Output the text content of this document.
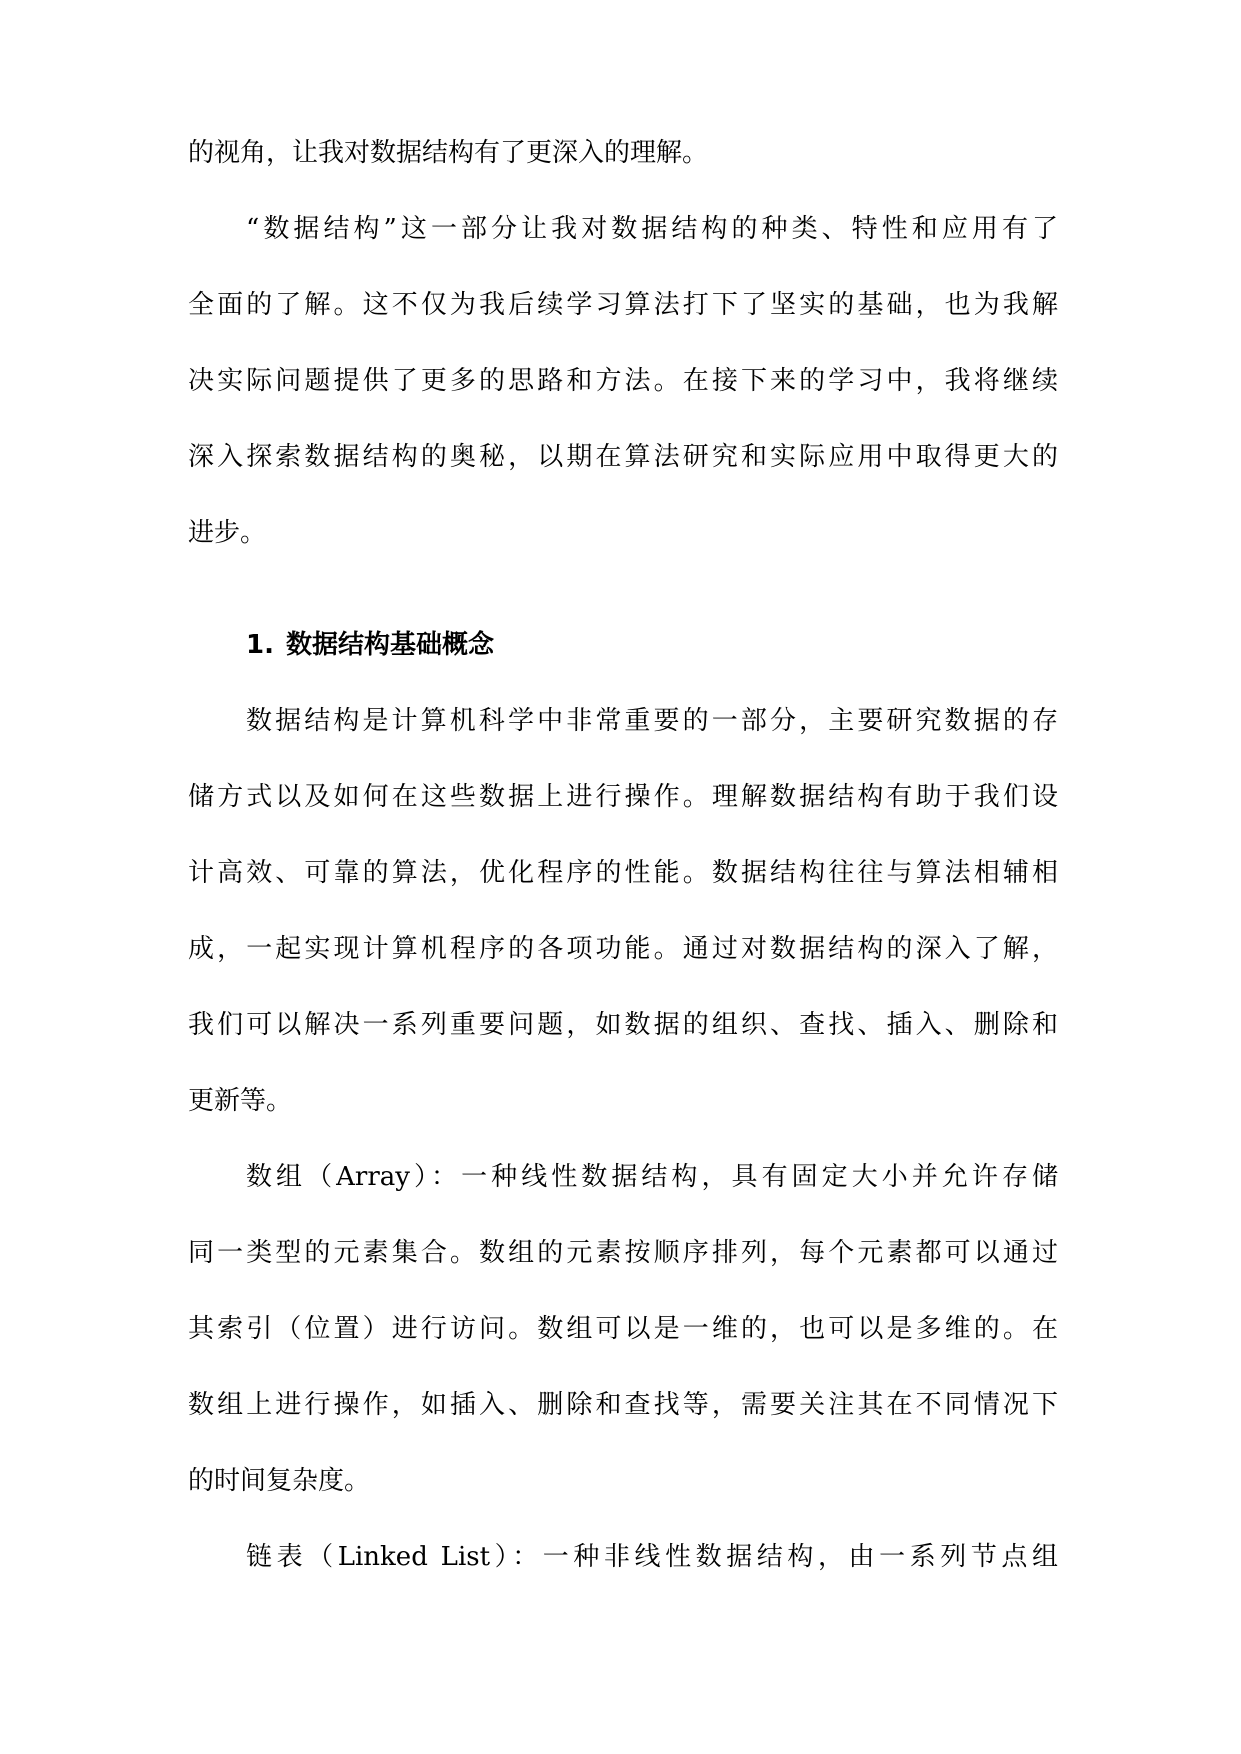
的视角，让我对数据结构有了更深入的理解。
“数据结构”这一部分让我对数据结构的种类、特性和应用有了
全面的了解。这不仅为我后续学习算法打下了坚实的基础，也为我解
决实际问题提供了更多的思路和方法。在接下来的学习中，我将继续
深入探索数据结构的奥秘，以期在算法研究和实际应用中取得更大的
进步。
1. 数据结构基础概念
数据结构是计算机科学中非常重要的一部分，主要研究数据的存
储方式以及如何在这些数据上进行操作。理解数据结构有助于我们设
计高效、可靠的算法，优化程序的性能。数据结构往往与算法相辅相
成，一起实现计算机程序的各项功能。通过对数据结构的深入了解，
我们可以解决一系列重要问题，如数据的组织、查找、插入、删除和
更新等。
数组（Array）：一种线性数据结构，具有固定大小并允许存储
同一类型的元素集合。数组的元素按顺序排列，每个元素都可以通过
其索引（位置）进行访问。数组可以是一维的，也可以是多维的。在
数组上进行操作，如插入、删除和查找等，需要关注其在不同情况下
的时间复杂度。
链表（Linked List）：一种非线性数据结构，由一系列节点组
